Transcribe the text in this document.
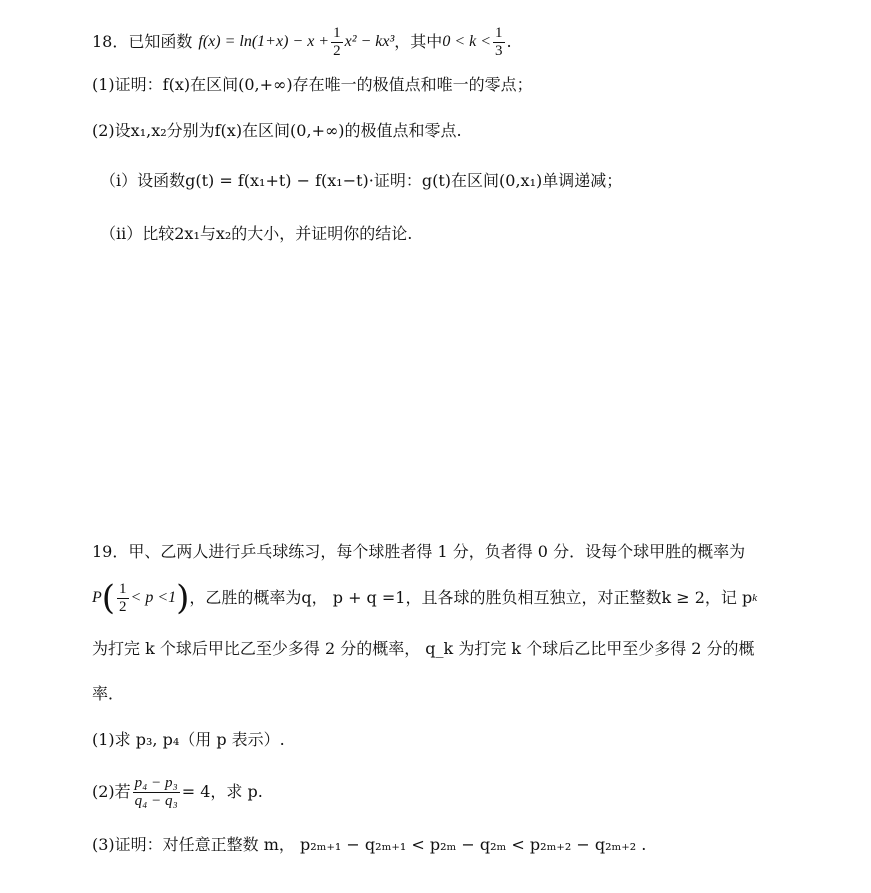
18． 已知函数 $f(x) = \ln(1+x) - x + \frac{1}{2} x^2 - kx^3$ ，其中 $0 < k < \frac{1}{3}$ .
(1)证明：f(x)在区间(0,+∞)存在唯一的极值点和唯一的零点；
(2)设x₁,x₂分别为f(x)在区间(0,+∞)的极值点和零点.
（i）设函数g(t) = f(x₁+t) − f(x₁−t)·证明：g(t)在区间(0,x₁)单调递减；
（ii）比较2x₁与x₂的大小，并证明你的结论.
19．甲、乙两人进行乒乓球练习，每个球胜者得 1 分，负者得 0 分．设每个球甲胜的概率为
P ( $\frac{1}{2} < p <1$ ) ，乙胜的概率为q， p + q =1，且各球的胜负相互独立，对正整数k ≥ 2，记 p k
为打完 k 个球后甲比乙至少多得 2 分的概率， q_k 为打完 k 个球后乙比甲至少多得 2 分的概
率．
(1)求 p₃, p₄（用 p 表示）.
(2)若 $\frac{\text{p₄ − p₃}}{\text{q₄ − q₃}} = 4$，求 p.
(3)证明：对任意正整数 m， p₂ₘ₊₁ − q₂ₘ₊₁ < p₂ₘ − q₂ₘ < p₂ₘ₊₂ − q₂ₘ₊₂ .
